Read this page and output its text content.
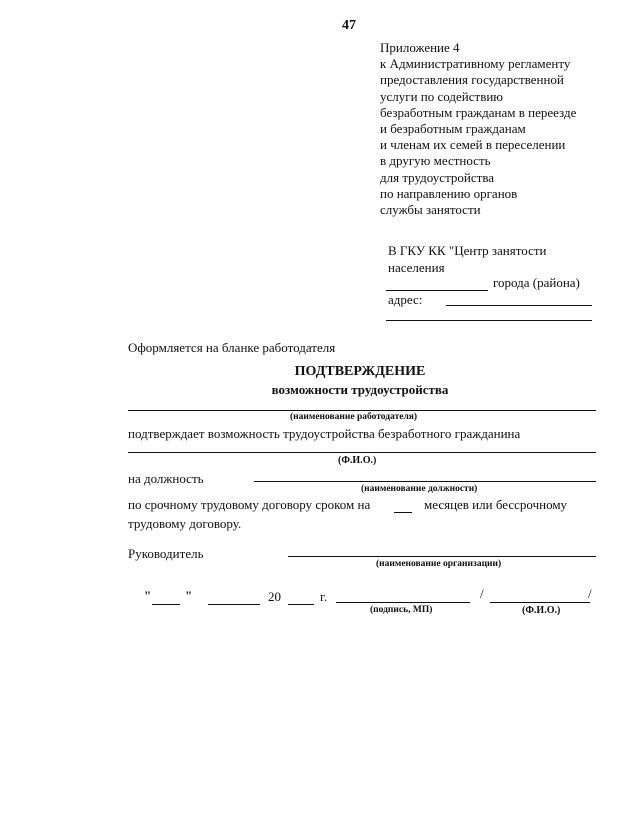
47
Приложение 4
к Административному регламенту
предоставления государственной
услуги по содействию
безработным гражданам в переезде
и безработным гражданам
и членам их семей в переселении
в другую местность
для трудоустройства
по направлению органов
службы занятости
В ГКУ КК "Центр занятости
населения
города (района)
адрес:
Оформляется на бланке работодателя
ПОДТВЕРЖДЕНИЕ
возможности трудоустройства
(наименование работодателя)
подтверждает возможность трудоустройства безработного гражданина
(Ф.И.О.)
на должность
(наименование должности)
по срочному трудовому договору сроком на	месяцев или бессрочному
трудовому договору.
Руководитель
(наименование организации)
"	"	20	г.	/	/
(подпись, МП)	(Ф.И.О.)
